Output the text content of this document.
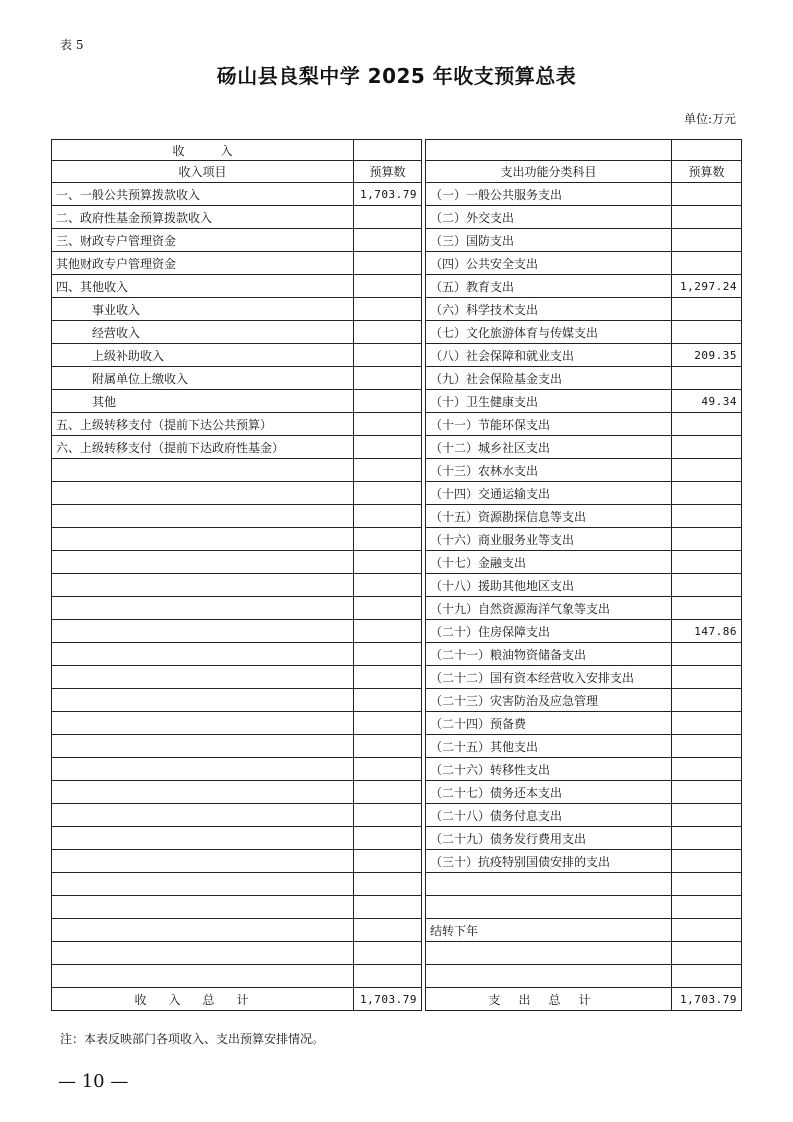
表 5
砀山县良梨中学 2025 年收支预算总表
单位:万元
收　　　入				
收入项目	预算数		支出功能分类科目	预算数
一、一般公共预算拨款收入	1,703.79		（一）一般公共服务支出	
二、政府性基金预算拨款收入			（二）外交支出	
三、财政专户管理资金			（三）国防支出	
其他财政专户管理资金			（四）公共安全支出	
四、其他收入			（五）教育支出	1,297.24
事业收入			（六）科学技术支出	
经营收入			（七）文化旅游体育与传媒支出	
上级补助收入			（八）社会保障和就业支出	209.35
附属单位上缴收入			（九）社会保险基金支出	
其他			（十）卫生健康支出	49.34
五、上级转移支付（提前下达公共预算）			（十一）节能环保支出	
六、上级转移支付（提前下达政府性基金）			（十二）城乡社区支出	
			（十三）农林水支出	
			（十四）交通运输支出	
			（十五）资源勘探信息等支出	
			（十六）商业服务业等支出	
			（十七）金融支出	
			（十八）援助其他地区支出	
			（十九）自然资源海洋气象等支出	
			（二十）住房保障支出	147.86
			（二十一）粮油物资储备支出	
			（二十二）国有资本经营收入安排支出	
			（二十三）灾害防治及应急管理	
			（二十四）预备费	
			（二十五）其他支出	
			（二十六）转移性支出	
			（二十七）债务还本支出	
			（二十八）债务付息支出	
			（二十九）债务发行费用支出	
			（三十）抗疫特别国债安排的支出	

			结转下年	

收入总计	1,703.79		支出总计	1,703.79
注：本表反映部门各项收入、支出预算安排情况。
— 10 —
